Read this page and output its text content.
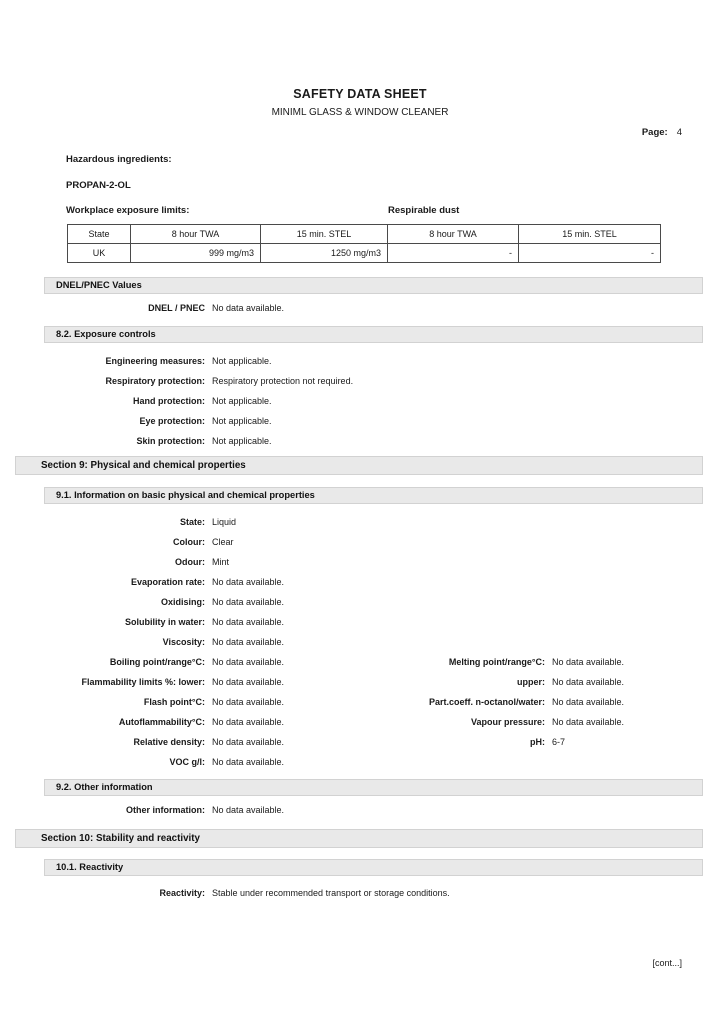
SAFETY DATA SHEET
MINIML GLASS & WINDOW CLEANER
Page: 4
Hazardous ingredients:
PROPAN-2-OL
Workplace exposure limits:	Respirable dust
State	8 hour TWA	15 min. STEL	8 hour TWA	15 min. STEL
UK	999 mg/m3	1250 mg/m3	-	-
DNEL/PNEC Values
DNEL / PNEC No data available.
8.2. Exposure controls
Engineering measures: Not applicable.
Respiratory protection: Respiratory protection not required.
Hand protection: Not applicable.
Eye protection: Not applicable.
Skin protection: Not applicable.
Section 9: Physical and chemical properties
9.1. Information on basic physical and chemical properties
State: Liquid
Colour: Clear
Odour: Mint
Evaporation rate: No data available.
Oxidising: No data available.
Solubility in water: No data available.
Viscosity: No data available.
Boiling point/range°C: No data available.	Melting point/range°C: No data available.
Flammability limits %: lower: No data available.	upper: No data available.
Flash point°C: No data available.	Part.coeff. n-octanol/water: No data available.
Autoflammability°C: No data available.	Vapour pressure: No data available.
Relative density: No data available.	pH: 6-7
VOC g/l: No data available.
9.2. Other information
Other information: No data available.
Section 10: Stability and reactivity
10.1. Reactivity
Reactivity: Stable under recommended transport or storage conditions.
[cont...]
